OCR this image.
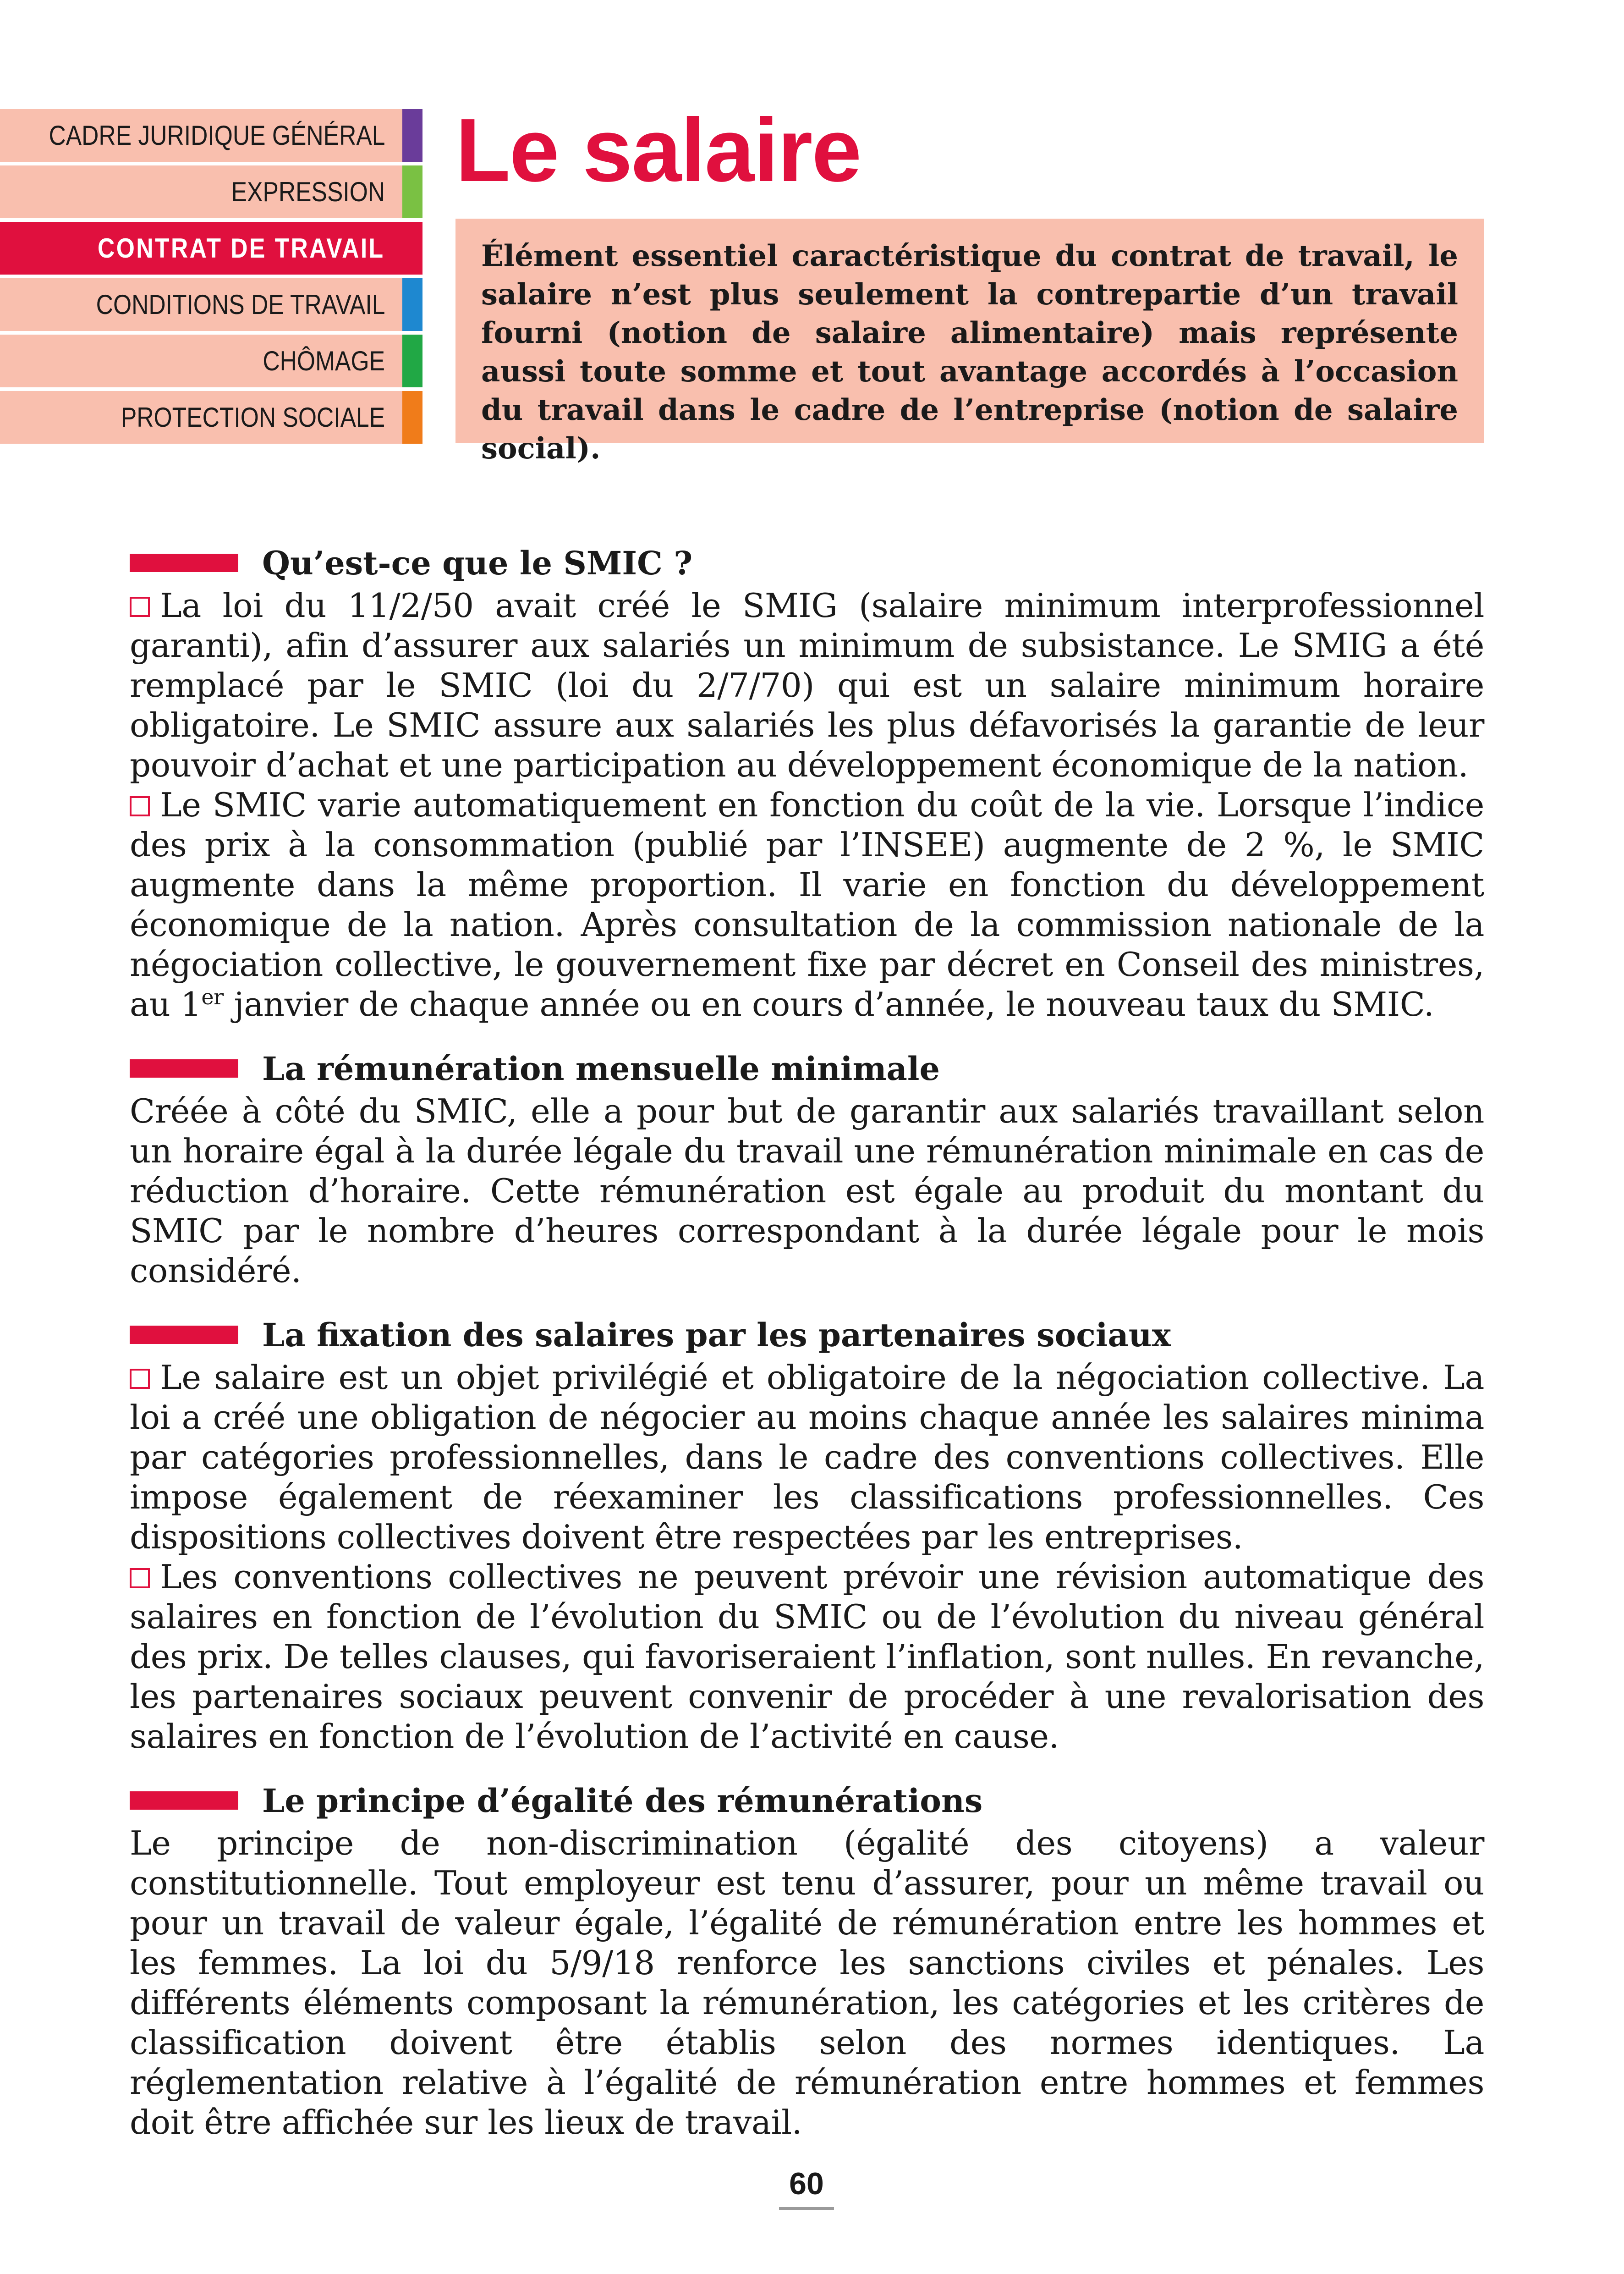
CADRE JURIDIQUE GÉNÉRAL
EXPRESSION
CONTRAT DE TRAVAIL
CONDITIONS DE TRAVAIL
CHÔMAGE
PROTECTION SOCIALE
Le salaire
Élément essentiel caractéristique du contrat de travail, le salaire n’est plus seulement la contrepartie d’un travail fourni (notion de salaire alimentaire) mais représente aussi toute somme et tout avantage accordés à l’occasion du travail dans le cadre de l’entreprise (notion de salaire social).
Qu’est-ce que le SMIC ?

La loi du 11/2/50 avait créé le SMIG (salaire minimum interprofessionnel garanti), afin d’assurer aux salariés un minimum de subsistance. Le SMIG a été remplacé par le SMIC (loi du 2/7/70) qui est un salaire minimum horaire obligatoire. Le SMIC assure aux salariés les plus défavorisés la garantie de leur pouvoir d’achat et une participation au développement économique de la nation.

Le SMIC varie automatiquement en fonction du coût de la vie. Lorsque l’indice des prix à la consommation (publié par l’INSEE) augmente de 2 %, le SMIC augmente dans la même proportion. Il varie en fonction du développement économique de la nation. Après consultation de la commission nationale de la négociation collective, le gouvernement fixe par décret en Conseil des ministres, au 1er janvier de chaque année ou en cours d’année, le nouveau taux du SMIC.

La rémunération mensuelle minimale

Créée à côté du SMIC, elle a pour but de garantir aux salariés travaillant selon un horaire égal à la durée légale du travail une rémunération minimale en cas de réduction d’horaire. Cette rémunération est égale au produit du montant du SMIC par le nombre d’heures correspondant à la durée légale pour le mois considéré.

La fixation des salaires par les partenaires sociaux

Le salaire est un objet privilégié et obligatoire de la négociation collective. La loi a créé une obligation de négocier au moins chaque année les salaires minima par catégories professionnelles, dans le cadre des conventions collectives. Elle impose également de réexaminer les classifications professionnelles. Ces dispositions collectives doivent être respectées par les entreprises.

Les conventions collectives ne peuvent prévoir une révision automatique des salaires en fonction de l’évolution du SMIC ou de l’évolution du niveau général des prix. De telles clauses, qui favoriseraient l’inflation, sont nulles. En revanche, les partenaires sociaux peuvent convenir de procéder à une revalorisation des salaires en fonction de l’évolution de l’activité en cause.

Le principe d’égalité des rémunérations

Le principe de non-discrimination (égalité des citoyens) a valeur constitutionnelle. Tout employeur est tenu d’assurer, pour un même travail ou pour un travail de valeur égale, l’égalité de rémunération entre les hommes et les femmes. La loi du 5/9/18 renforce les sanctions civiles et pénales. Les différents éléments composant la rémunération, les catégories et les critères de classification doivent être établis selon des normes identiques. La réglementation relative à l’égalité de rémunération entre hommes et femmes doit être affichée sur les lieux de travail.

60
